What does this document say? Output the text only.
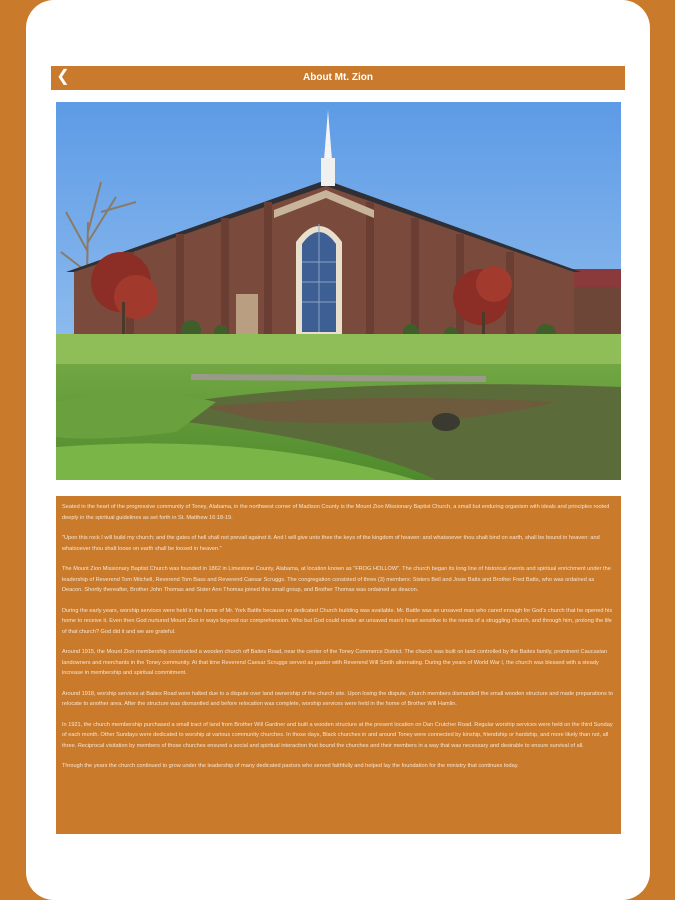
❮	About Mt. Zion

Seated in the heart of the progressive community of Toney, Alabama, in the northwest corner of Madison County is the Mount Zion Missionary Baptist Church, a small but enduring organism with ideals and principles rooted deeply in the spiritual guidelines as set forth in St. Matthew 16:18-19.

"Upon this rock I will build my church; and the gates of hell shall not prevail against it. And I will give unto thee the keys of the kingdom of heaven: and whatsoever thou shalt bind on earth, shall be bound in heaven: and whatsoever thou shalt loose on earth shall be loosed in heaven."

The Mount Zion Missionary Baptist Church was founded in 1862 in Limestone County, Alabama, at location known as "FROG HOLLOW". The church began its long line of historical events and spiritual enrichment under the leadership of Reverend Tom Mitchell, Reverend Tom Bass and Reverend Caesar Scruggs. The congregation consisted of three (3) members: Sisters Bell and Josie Batts and Brother Fred Batts, who was ordained as Deacon. Shortly thereafter, Brother John Thomas and Sister Ann Thomas joined this small group, and Brother Thomas was ordained as deacon.

During the early years, worship services were held in the home of Mr. York Battle because no dedicated Church building was available. Mr. Battle was an unsaved man who cared enough for God's church that he opened his home to receive it. Even then God nurtured Mount Zion in ways beyond our comprehension. Who but God could render an unsaved man's heart sensitive to the needs of a struggling church, and through him, prolong the life of that church? God did it and we are grateful.

Around 1915, the Mount Zion membership constructed a wooden church off Baites Road, near the center of the Toney Commerce District. The church was built on land controlled by the Baites family, prominent Caucasian landowners and merchants in the Toney community. At that time Reverend Caesar Scruggs served as pastor with Reverend Will Smith alternating. During the years of World War I, the church was blessed with a steady increase in membership and spiritual commitment.

Around 1918, worship services at Baites Road were halted due to a dispute over land ownership of the church site. Upon losing the dispute, church members dismantled the small wooden structure and made preparations to relocate to another area. After the structure was dismantled and before relocation was complete, worship services were held in the home of Brother Will Hamlin.

In 1921, the church membership purchased a small tract of land from Brother Will Gardner and built a wooden structure at the present location on Dan Crutcher Road. Regular worship services were held on the third Sunday of each month. Other Sundays were dedicated to worship at various community churches. In those days, Black churches in and around Toney were connected by kinship, friendship or hardship, and more likely than not, all three. Reciprocal visitation by members of those churches ensured a social and spiritual interaction that bound the churches and their members in a way that was necessary and desirable to ensure survival of all.

Through the years the church continued to grow under the leadership of many dedicated pastors who served faithfully and helped lay the foundation for the ministry that continues today.
